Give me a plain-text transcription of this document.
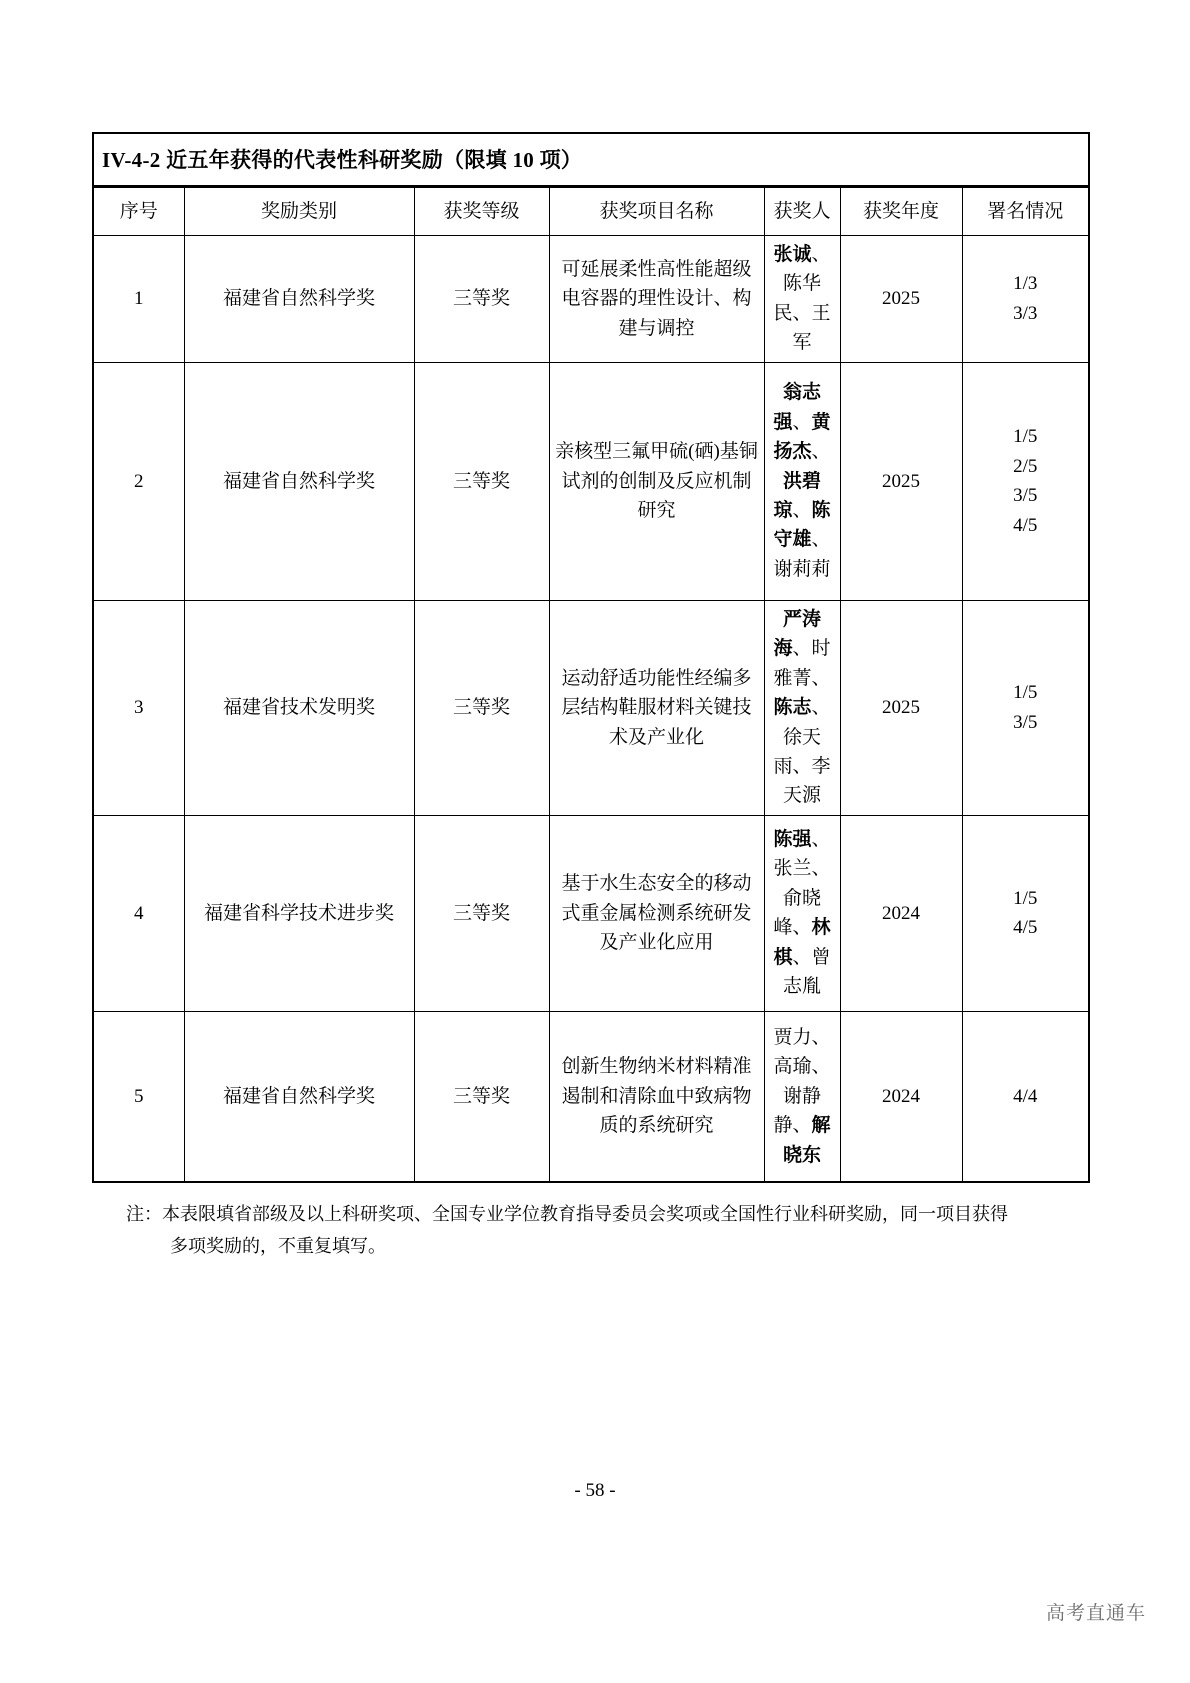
IV-4-2 近五年获得的代表性科研奖励（限填 10 项）
序号	奖励类别	获奖等级	获奖项目名称	获奖人	获奖年度	署名情况
1	福建省自然科学奖	三等奖	可延展柔性高性能超级电容器的理性设计、构建与调控	张诚、陈华民、王军	2025	1/3
3/3

2	福建省自然科学奖	三等奖	亲核型三氟甲硫(硒)基铜试剂的创制及反应机制研究	翁志强、黄扬杰、洪碧琼、陈守雄、谢莉莉	2025	1/5
2/5
3/5
4/5

3	福建省技术发明奖	三等奖	运动舒适功能性经编多层结构鞋服材料关键技术及产业化	严涛海、时雅菁、陈志、徐天雨、李天源	2025	1/5
3/5

4	福建省科学技术进步奖	三等奖	基于水生态安全的移动式重金属检测系统研发及产业化应用	陈强、张兰、俞晓峰、林棋、曾志胤	2024	1/5
4/5

5	福建省自然科学奖	三等奖	创新生物纳米材料精准遏制和清除血中致病物质的系统研究	贾力、高瑜、谢静静、解晓东	2024	4/4
注：本表限填省部级及以上科研奖项、全国专业学位教育指导委员会奖项或全国性行业科研奖励，同一项目获得
多项奖励的，不重复填写。
- 58 -
高考直通车
